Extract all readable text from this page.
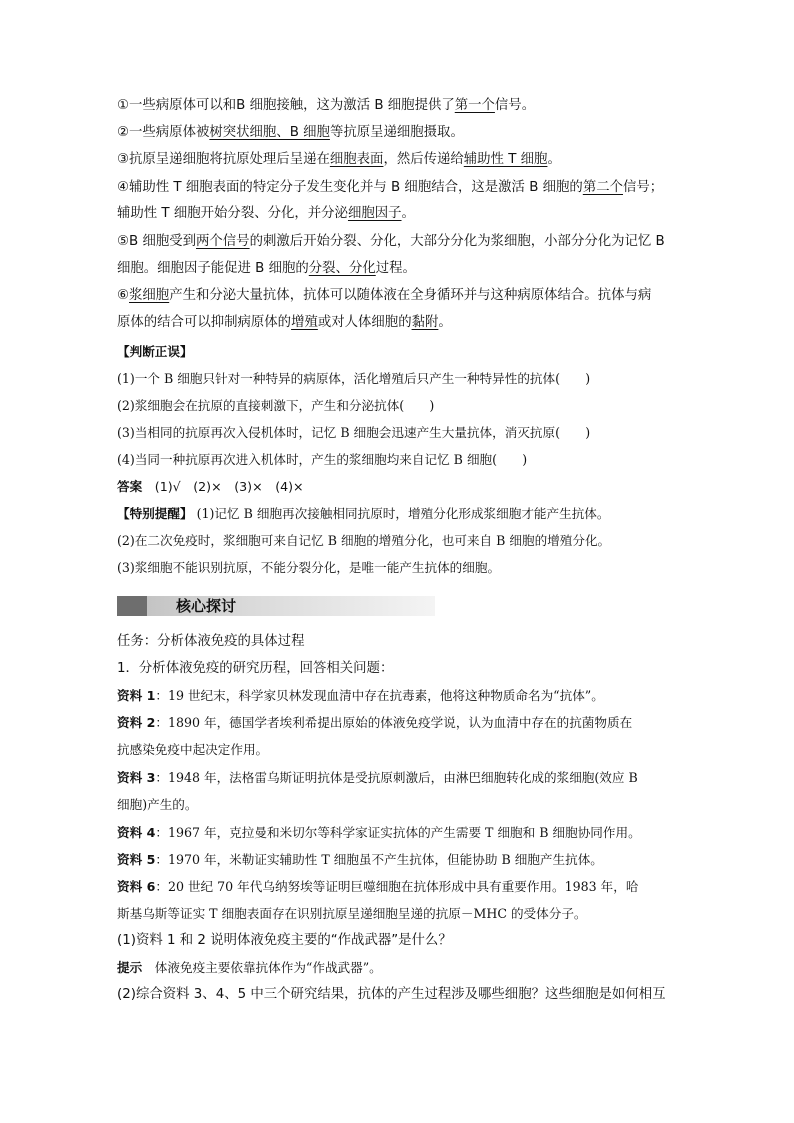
①一些病原体可以和B 细胞接触，这为激活 B 细胞提供了第一个信号。
②一些病原体被树突状细胞、B 细胞等抗原呈递细胞摄取。
③抗原呈递细胞将抗原处理后呈递在细胞表面，然后传递给辅助性 T 细胞。
④辅助性 T 细胞表面的特定分子发生变化并与 B 细胞结合，这是激活 B 细胞的第二个信号；
辅助性 T 细胞开始分裂、分化，并分泌细胞因子。
⑤B 细胞受到两个信号的刺激后开始分裂、分化，大部分分化为浆细胞，小部分分化为记忆 B
细胞。细胞因子能促进 B 细胞的分裂、分化过程。
⑥浆细胞产生和分泌大量抗体，抗体可以随体液在全身循环并与这种病原体结合。抗体与病
原体的结合可以抑制病原体的增殖或对人体细胞的黏附。
【判断正误】
(1)一个 B 细胞只针对一种特异的病原体，活化增殖后只产生一种特异性的抗体(　　)
(2)浆细胞会在抗原的直接刺激下，产生和分泌抗体(　　)
(3)当相同的抗原再次入侵机体时，记忆 B 细胞会迅速产生大量抗体，消灭抗原(　　)
(4)当同一种抗原再次进入机体时，产生的浆细胞均来自记忆 B 细胞(　　)
答案　(1)√　(2)×　(3)×　(4)×
【特别提醒】 (1)记忆 B 细胞再次接触相同抗原时，增殖分化形成浆细胞才能产生抗体。
(2)在二次免疫时，浆细胞可来自记忆 B 细胞的增殖分化，也可来自 B 细胞的增殖分化。
(3)浆细胞不能识别抗原，不能分裂分化，是唯一能产生抗体的细胞。
核心探讨
任务：分析体液免疫的具体过程
1．分析体液免疫的研究历程，回答相关问题：
资料 1：19 世纪末，科学家贝林发现血清中存在抗毒素，他将这种物质命名为“抗体”。
资料 2：1890 年，德国学者埃利希提出原始的体液免疫学说，认为血清中存在的抗菌物质在
抗感染免疫中起决定作用。
资料 3：1948 年，法格雷乌斯证明抗体是受抗原刺激后，由淋巴细胞转化成的浆细胞(效应 B
细胞)产生的。
资料 4：1967 年，克拉曼和米切尔等科学家证实抗体的产生需要 T 细胞和 B 细胞协同作用。
资料 5：1970 年，米勒证实辅助性 T 细胞虽不产生抗体，但能协助 B 细胞产生抗体。
资料 6：20 世纪 70 年代乌纳努埃等证明巨噬细胞在抗体形成中具有重要作用。1983 年，哈
斯基乌斯等证实 T 细胞表面存在识别抗原呈递细胞呈递的抗原－MHC 的受体分子。
(1)资料 1 和 2 说明体液免疫主要的“作战武器”是什么？
提示　体液免疫主要依靠抗体作为“作战武器”。
(2)综合资料 3、4、5 中三个研究结果，抗体的产生过程涉及哪些细胞？这些细胞是如何相互
